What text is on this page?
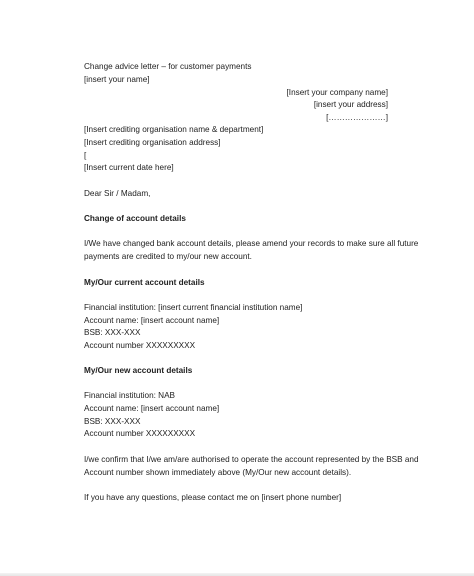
Change advice letter – for customer payments
[insert your name]
[Insert your company name]
[insert your address]
[…………………]
[Insert crediting organisation name & department]
[Insert crediting organisation address]
[
[Insert current date here]
Dear Sir / Madam,
Change of account details
I/We have changed bank account details, please amend your records to make sure all future
payments are credited to my/our new account.
My/Our current account details
Financial institution: [insert current financial institution name]
Account name: [insert account name]
BSB: XXX-XXX
Account number XXXXXXXXX
My/Our new account details
Financial institution: NAB
Account name: [insert account name]
BSB: XXX-XXX
Account number XXXXXXXXX
I/we confirm that I/we am/are authorised to operate the account represented by the BSB and
Account number shown immediately above (My/Our new account details).
If you have any questions, please contact me on [insert phone number]
